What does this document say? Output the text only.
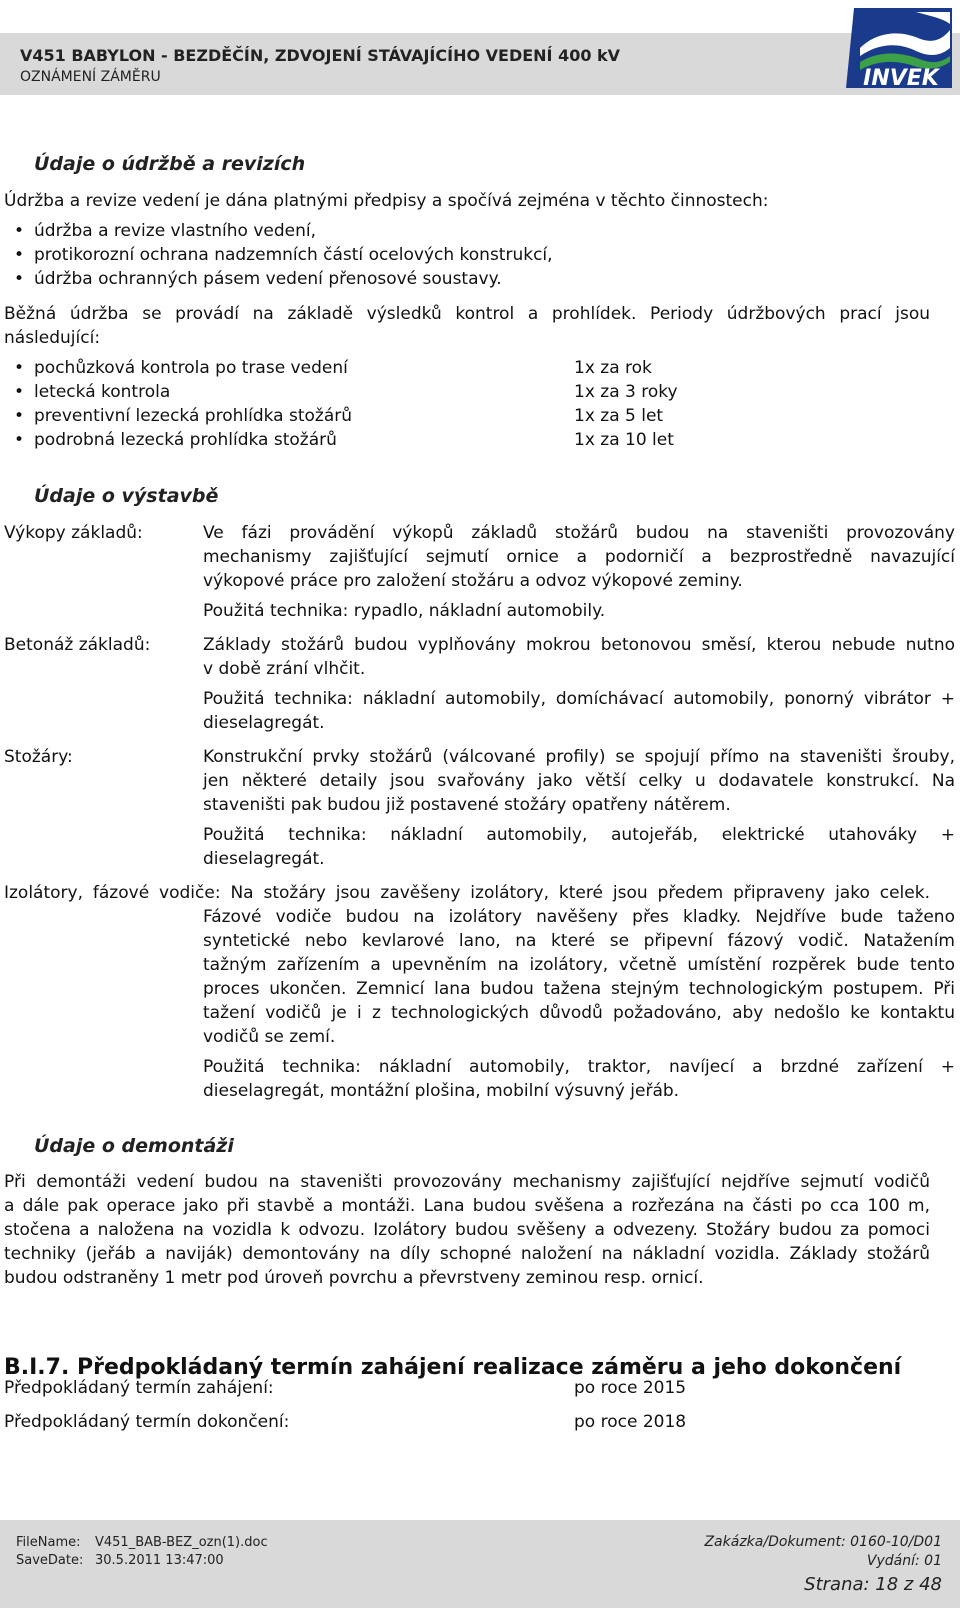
V451 BABYLON - BEZDĚČÍN, ZDVOJENÍ STÁVAJÍCÍHO VEDENÍ 400 kV
OZNÁMENÍ ZÁMĚRU	INVEK
Údaje o údržbě a revizích
Údržba a revize vedení je dána platnými předpisy a spočívá zejména v těchto činnostech:
• údržba a revize vlastního vedení,
• protikorozní ochrana nadzemních částí ocelových konstrukcí,
• údržba ochranných pásem vedení přenosové soustavy.
Běžná údržba se provádí na základě výsledků kontrol a prohlídek. Periody údržbových prací jsou
následující:
• pochůzková kontrola po trase vedení	1x za rok
• letecká kontrola	1x za 3 roky
• preventivní lezecká prohlídka stožárů	1x za 5 let
• podrobná lezecká prohlídka stožárů	1x za 10 let
Údaje o výstavbě
Výkopy základů:	Ve fázi provádění výkopů základů stožárů budou na staveništi provozovány
mechanismy zajišťující sejmutí ornice a podorničí a bezprostředně navazující
výkopové práce pro založení stožáru a odvoz výkopové zeminy.
Použitá technika: rypadlo, nákladní automobily.
Betonáž základů:	Základy stožárů budou vyplňovány mokrou betonovou směsí, kterou nebude nutno
v době zrání vlhčit.
Použitá technika: nákladní automobily, domíchávací automobily, ponorný vibrátor +
dieselagregát.
Stožáry:	Konstrukční prvky stožárů (válcované profily) se spojují přímo na staveništi šrouby,
jen některé detaily jsou svařovány jako větší celky u dodavatele konstrukcí. Na
staveništi pak budou již postavené stožáry opatřeny nátěrem.
Použitá technika: nákladní automobily, autojeřáb, elektrické utahováky +
dieselagregát.
Izolátory, fázové vodiče: Na stožáry jsou zavěšeny izolátory, které jsou předem připraveny jako celek.
Fázové vodiče budou na izolátory navěšeny přes kladky. Nejdříve bude taženo
syntetické nebo kevlarové lano, na které se připevní fázový vodič. Natažením
tažným zařízením a upevněním na izolátory, včetně umístění rozpěrek bude tento
proces ukončen. Zemnicí lana budou tažena stejným technologickým postupem. Při
tažení vodičů je i z technologických důvodů požadováno, aby nedošlo ke kontaktu
vodičů se zemí.
Použitá technika: nákladní automobily, traktor, navíjecí a brzdné zařízení +
dieselagregát, montážní plošina, mobilní výsuvný jeřáb.
Údaje o demontáži
Při demontáži vedení budou na staveništi provozovány mechanismy zajišťující nejdříve sejmutí vodičů
a dále pak operace jako při stavbě a montáži. Lana budou svěšena a rozřezána na části po cca 100 m,
stočena a naložena na vozidla k odvozu. Izolátory budou svěšeny a odvezeny. Stožáry budou za pomoci
techniky (jeřáb a naviják) demontovány na díly schopné naložení na nákladní vozidla. Základy stožárů
budou odstraněny 1 metr pod úroveň povrchu a převrstveny zeminou resp. ornicí.
B.I.7. Předpokládaný termín zahájení realizace záměru a jeho dokončení
Předpokládaný termín zahájení:	po roce 2015
Předpokládaný termín dokončení:	po roce 2018
FileName: V451_BAB-BEZ_ozn(1).doc
SaveDate: 30.5.2011 13:47:00
Zakázka/Dokument: 0160-10/D01
Vydání: 01
Strana: 18 z 48
